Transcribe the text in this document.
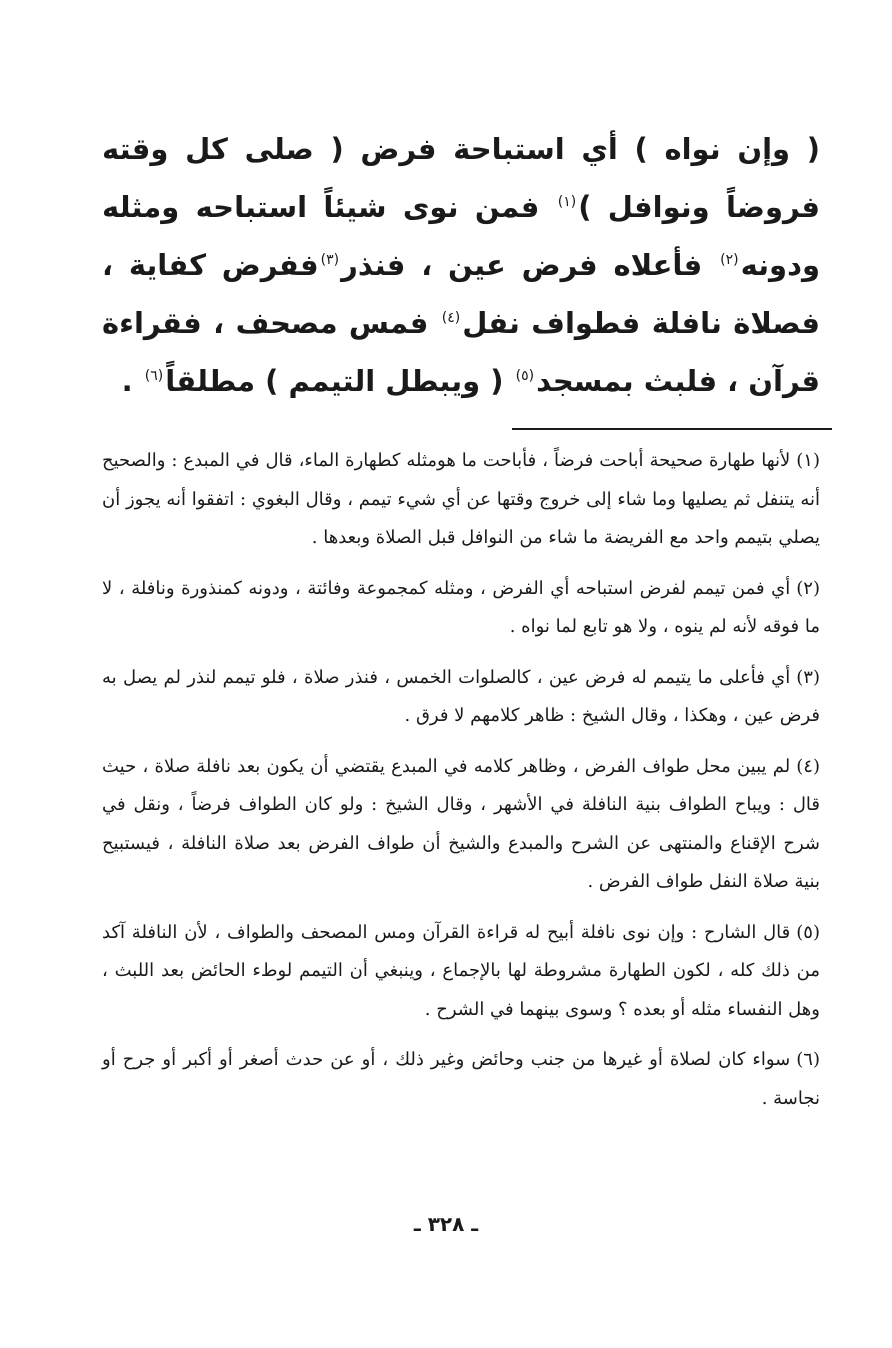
( وإن نواه ) أي استباحة فرض ( صلى كل وقته فروضاً ونوافل )$^{(١)}$ فمن نوى شيئاً استباحه ومثله ودونه$^{(٢)}$ فأعلاه فرض عين ، فنذر$^{(٣)}$ففرض كفاية ، فصلاة نافلة فطواف نفل$^{(٤)}$ فمس مصحف ، فقراءة قرآن ، فلبث بمسجد$^{(٥)}$ ( ويبطل التيمم ) مطلقاً$^{(٦)}$ .

(١)لأنها طهارة صحيحة أباحت فرضاً ، فأباحت ما هومثله كطهارة الماء، قال في المبدع : والصحيح أنه يتنفل ثم يصليها وما شاء إلى خروج وقتها عن أي شيء تيمم ، وقال البغوي : اتفقوا أنه يجوز أن يصلي بتيمم واحد مع الفريضة ما شاء من النوافل قبل الصلاة وبعدها .

(٢)أي فمن تيمم لفرض استباحه أي الفرض ، ومثله كمجموعة وفائتة ، ودونه كمنذورة ونافلة ، لا ما فوقه لأنه لم ينوه ، ولا هو تابع لما نواه .

(٣)أي فأعلى ما يتيمم له فرض عين ، كالصلوات الخمس ، فنذر صلاة ، فلو تيمم لنذر لم يصل به فرض عين ، وهكذا ، وقال الشيخ : ظاهر كلامهم لا فرق .

(٤)لم يبين محل طواف الفرض ، وظاهر كلامه في المبدع يقتضي أن يكون بعد نافلة صلاة ، حيث قال : ويباح الطواف بنية النافلة في الأشهر ، وقال الشيخ : ولو كان الطواف فرضاً ، ونقل في شرح الإقناع والمنتهى عن الشرح والمبدع والشيخ أن طواف الفرض بعد صلاة النافلة ، فيستبيح بنية صلاة النفل طواف الفرض .

(٥)قال الشارح : وإن نوى نافلة أبيح له قراءة القرآن ومس المصحف والطواف ، لأن النافلة آكد من ذلك كله ، لكون الطهارة مشروطة لها بالإجماع ، وينبغي أن التيمم لوطء الحائض بعد اللبث ، وهل النفساء مثله أو بعده ؟ وسوى بينهما في الشرح .

(٦)سواء كان لصلاة أو غيرها من جنب وحائض وغير ذلك ، أو عن حدث أصغر أو أكبر أو جرح أو نجاسة .

ـ ٣٢٨ ـ
